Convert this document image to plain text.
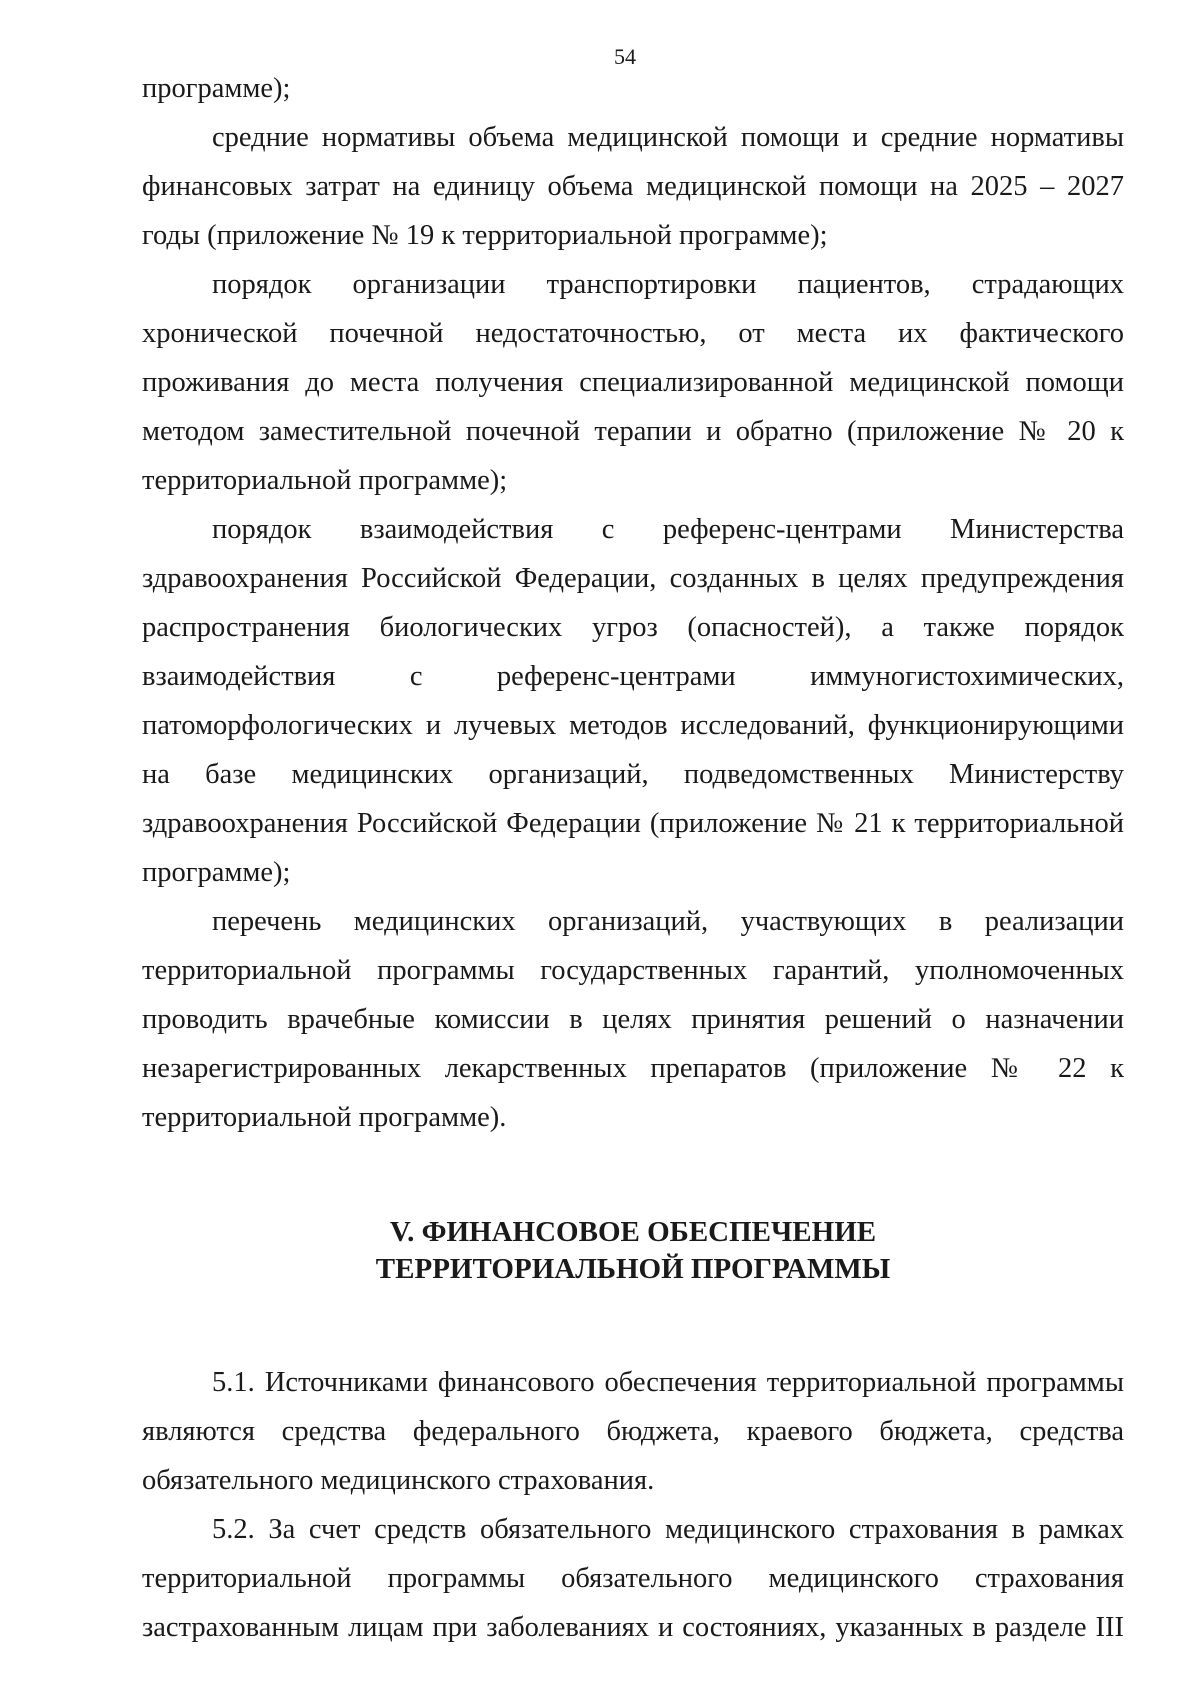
54

программе);

средние нормативы объема медицинской помощи и средние нормативы финансовых затрат на единицу объема медицинской помощи на 2025 – 2027 годы (приложение № 19 к территориальной программе);

порядок организации транспортировки пациентов, страдающих хронической почечной недостаточностью, от места их фактического проживания до места получения специализированной медицинской помощи методом заместительной почечной терапии и обратно (приложение № 20 к территориальной программе);

порядок взаимодействия с референс-центрами Министерства здравоохранения Российской Федерации, созданных в целях предупреждения распространения биологических угроз (опасностей), а также порядок взаимодействия с референс-центрами иммуногистохимических, патоморфологических и лучевых методов исследований, функционирующими на базе медицинских организаций, подведомственных Министерству здравоохранения Российской Федерации (приложение № 21 к территориальной программе);

перечень медицинских организаций, участвующих в реализации территориальной программы государственных гарантий, уполномоченных проводить врачебные комиссии в целях принятия решений о назначении незарегистрированных лекарственных препаратов (приложение № 22 к территориальной программе).

V. ФИНАНСОВОЕ ОБЕСПЕЧЕНИЕ
ТЕРРИТОРИАЛЬНОЙ ПРОГРАММЫ

5.1. Источниками финансового обеспечения территориальной программы являются средства федерального бюджета, краевого бюджета, средства обязательного медицинского страхования.

5.2. За счет средств обязательного медицинского страхования в рамках территориальной программы обязательного медицинского страхования застрахованным лицам при заболеваниях и состояниях, указанных в разделе III
